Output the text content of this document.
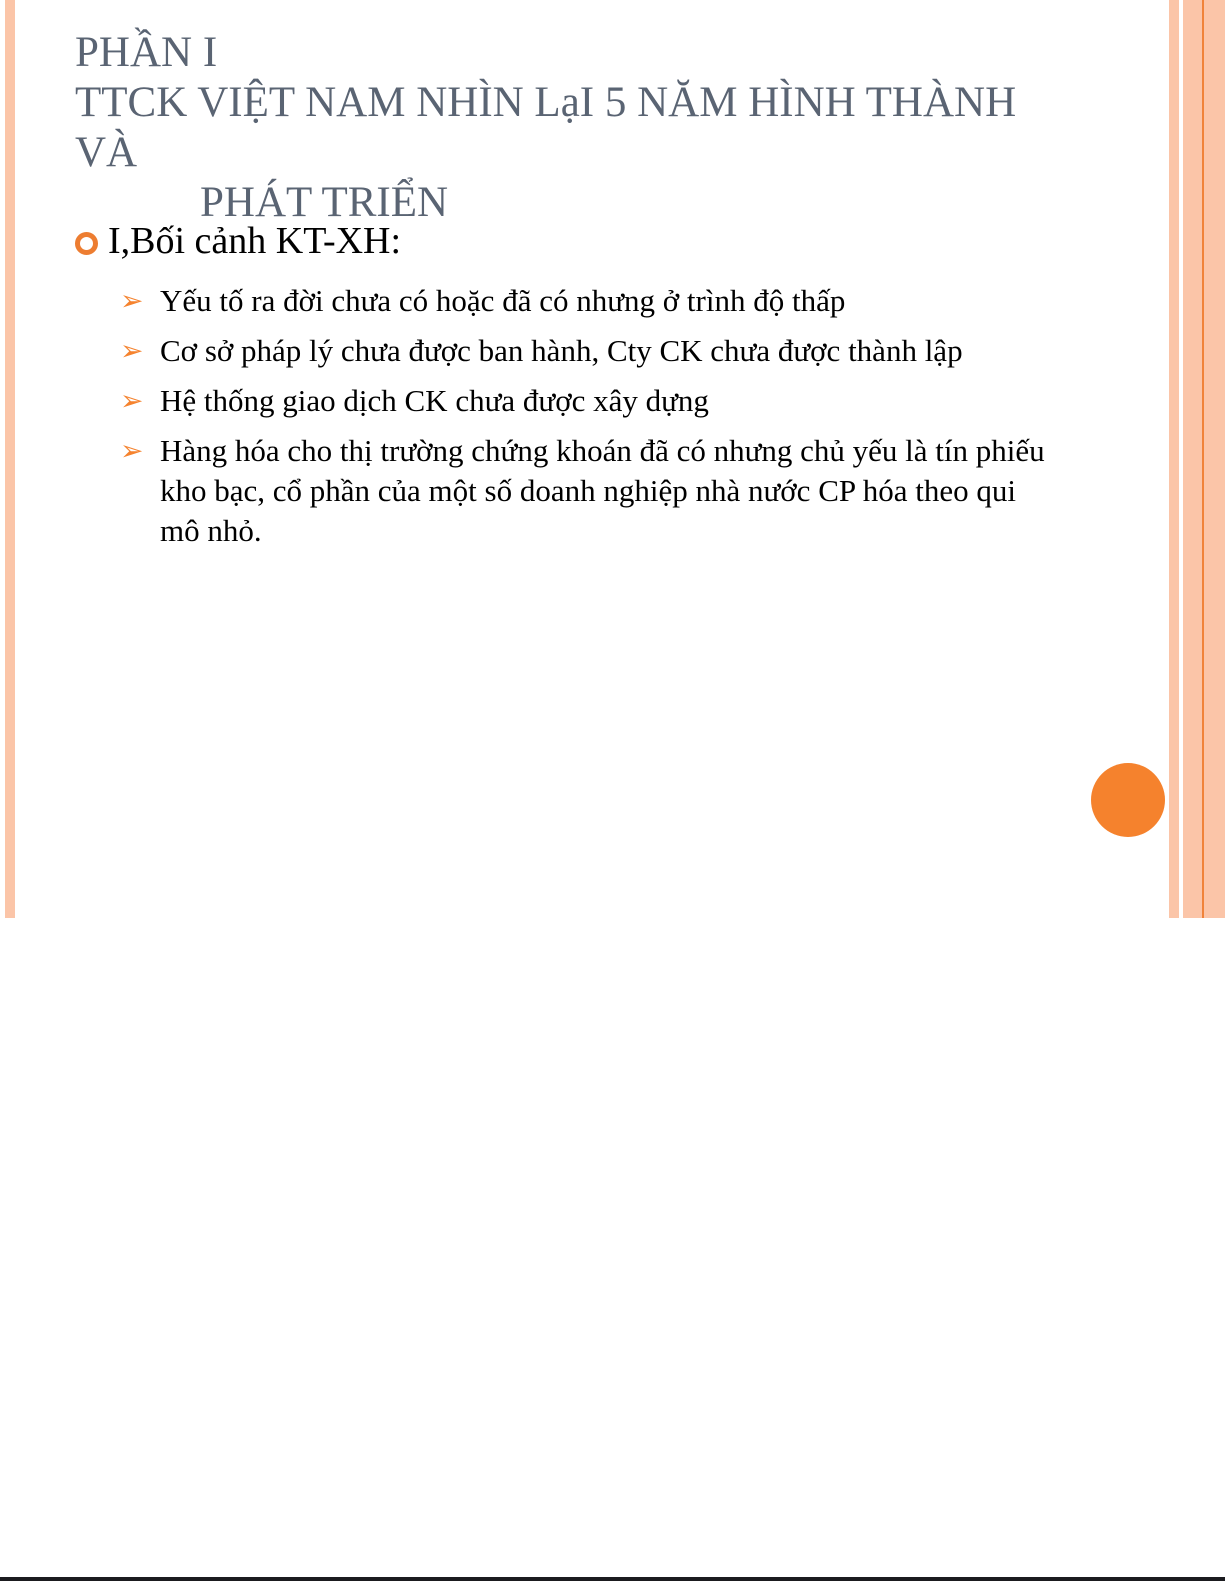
PHẦN I
TTCK VIỆT NAM NHÌN LạI 5 NĂM HÌNH THÀNH VÀ
PHÁT TRIỂN
I,Bối cảnh KT-XH:
➢ Yếu tố ra đời chưa có hoặc đã có nhưng ở trình độ thấp
➢ Cơ sở pháp lý chưa được ban hành, Cty CK chưa được thành lập
➢ Hệ thống giao dịch CK chưa được xây dựng
➢ Hàng hóa cho thị trường chứng khoán đã có nhưng chủ yếu là tín phiếu kho bạc, cổ phần của một số doanh nghiệp nhà nước CP hóa theo qui mô nhỏ.
